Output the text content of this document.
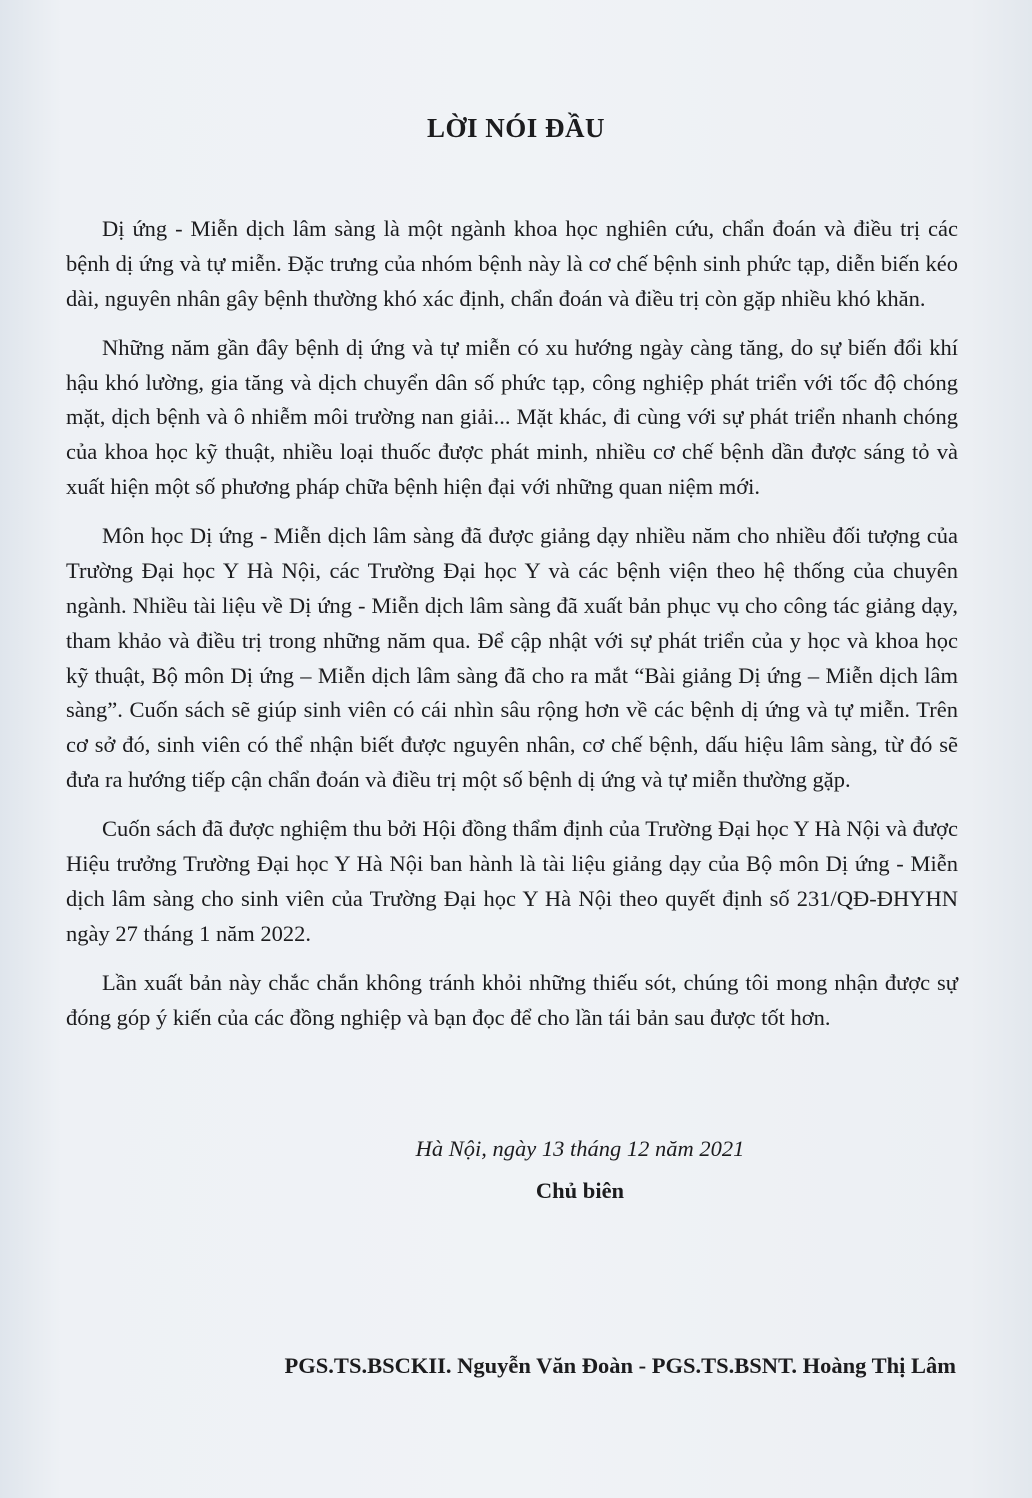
LỜI NÓI ĐẦU

Dị ứng - Miễn dịch lâm sàng là một ngành khoa học nghiên cứu, chẩn đoán và điều trị các bệnh dị ứng và tự miễn. Đặc trưng của nhóm bệnh này là cơ chế bệnh sinh phức tạp, diễn biến kéo dài, nguyên nhân gây bệnh thường khó xác định, chẩn đoán và điều trị còn gặp nhiều khó khăn.

Những năm gần đây bệnh dị ứng và tự miễn có xu hướng ngày càng tăng, do sự biến đổi khí hậu khó lường, gia tăng và dịch chuyển dân số phức tạp, công nghiệp phát triển với tốc độ chóng mặt, dịch bệnh và ô nhiễm môi trường nan giải... Mặt khác, đi cùng với sự phát triển nhanh chóng của khoa học kỹ thuật, nhiều loại thuốc được phát minh, nhiều cơ chế bệnh dần được sáng tỏ và xuất hiện một số phương pháp chữa bệnh hiện đại với những quan niệm mới.

Môn học Dị ứng - Miễn dịch lâm sàng đã được giảng dạy nhiều năm cho nhiều đối tượng của Trường Đại học Y Hà Nội, các Trường Đại học Y và các bệnh viện theo hệ thống của chuyên ngành. Nhiều tài liệu về Dị ứng - Miễn dịch lâm sàng đã xuất bản phục vụ cho công tác giảng dạy, tham khảo và điều trị trong những năm qua. Để cập nhật với sự phát triển của y học và khoa học kỹ thuật, Bộ môn Dị ứng – Miễn dịch lâm sàng đã cho ra mắt “Bài giảng Dị ứng – Miễn dịch lâm sàng”. Cuốn sách sẽ giúp sinh viên có cái nhìn sâu rộng hơn về các bệnh dị ứng và tự miễn. Trên cơ sở đó, sinh viên có thể nhận biết được nguyên nhân, cơ chế bệnh, dấu hiệu lâm sàng, từ đó sẽ đưa ra hướng tiếp cận chẩn đoán và điều trị một số bệnh dị ứng và tự miễn thường gặp.

Cuốn sách đã được nghiệm thu bởi Hội đồng thẩm định của Trường Đại học Y Hà Nội và được Hiệu trưởng Trường Đại học Y Hà Nội ban hành là tài liệu giảng dạy của Bộ môn Dị ứng - Miễn dịch lâm sàng cho sinh viên của Trường Đại học Y Hà Nội theo quyết định số 231/QĐ-ĐHYHN ngày 27 tháng 1 năm 2022.

Lần xuất bản này chắc chắn không tránh khỏi những thiếu sót, chúng tôi mong nhận được sự đóng góp ý kiến của các đồng nghiệp và bạn đọc để cho lần tái bản sau được tốt hơn.

Hà Nội, ngày 13 tháng 12 năm 2021
Chủ biên
PGS.TS.BSCKII. Nguyễn Văn Đoàn - PGS.TS.BSNT. Hoàng Thị Lâm
